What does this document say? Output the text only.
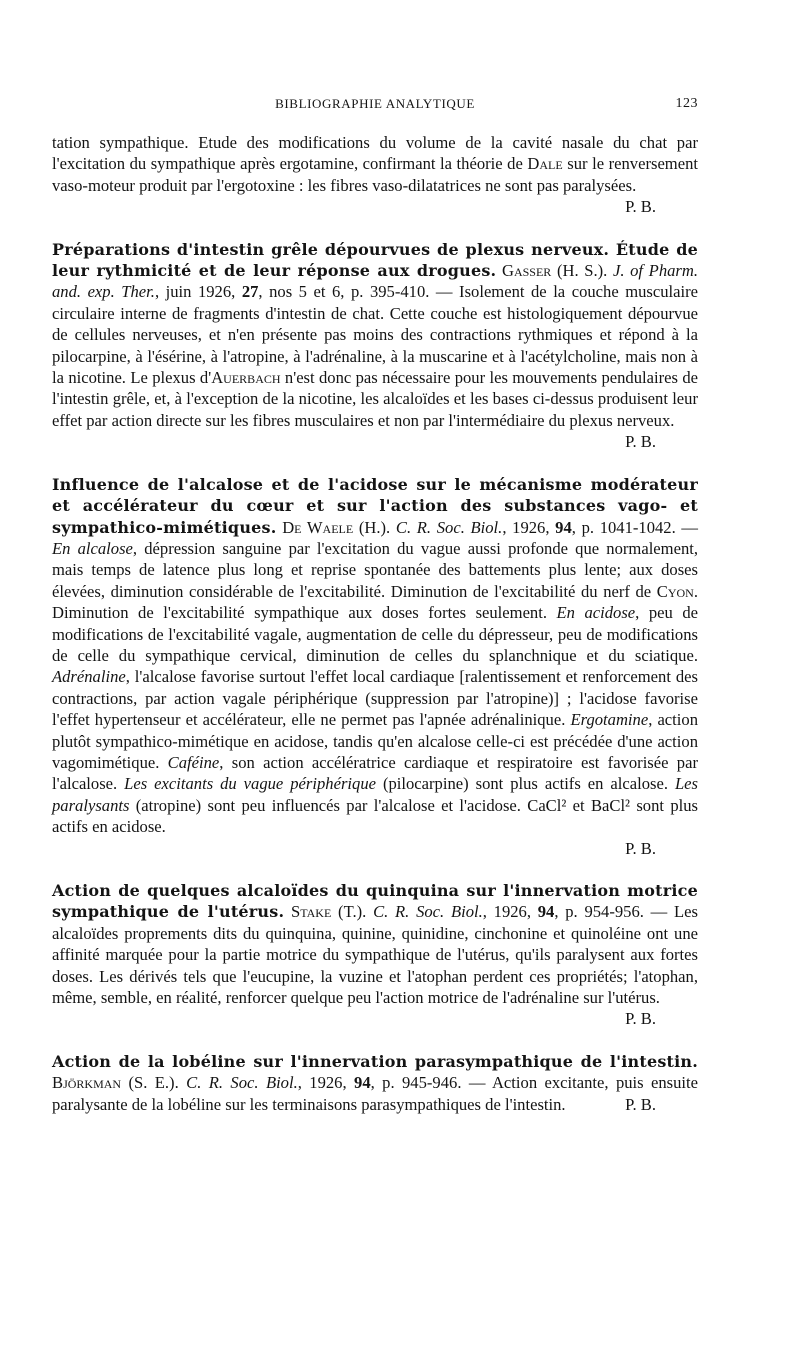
BIBLIOGRAPHIE ANALYTIQUE	123

tation sympathique. Etude des modifications du volume de la cavité nasale du chat par l'excitation du sympathique après ergotamine, confirmant la théorie de Dale sur le renversement vaso-moteur produit par l'ergotoxine : les fibres vaso-dilatatrices ne sont pas paralysées.
P. B.

Préparations d'intestin grêle dépourvues de plexus nerveux. Étude de leur rythmicité et de leur réponse aux drogues. Gasser (H. S.). J. of Pharm. and. exp. Ther., juin 1926, 27, nos 5 et 6, p. 395-410. — Isolement de la couche musculaire circulaire interne de fragments d'intestin de chat. Cette couche est histologiquement dépourvue de cellules nerveuses, et n'en présente pas moins des contractions rythmiques et répond à la pilocarpine, à l'ésérine, à l'atropine, à l'adrénaline, à la muscarine et à l'acétylcholine, mais non à la nicotine. Le plexus d'Auerbach n'est donc pas nécessaire pour les mouvements pendulaires de l'intestin grêle, et, à l'exception de la nicotine, les alcaloïdes et les bases ci-dessus produisent leur effet par action directe sur les fibres musculaires et non par l'intermédiaire du plexus nerveux.
P. B.

Influence de l'alcalose et de l'acidose sur le mécanisme modérateur et accélérateur du cœur et sur l'action des substances vago- et sympathico-mimétiques. De Waele (H.). C. R. Soc. Biol., 1926, 94, p. 1041-1042. — En alcalose, dépression sanguine par l'excitation du vague aussi profonde que normalement, mais temps de latence plus long et reprise spontanée des battements plus lente; aux doses élevées, diminution considérable de l'excitabilité. Diminution de l'excitabilité du nerf de Cyon. Diminution de l'excitabilité sympathique aux doses fortes seulement. En acidose, peu de modifications de l'excitabilité vagale, augmentation de celle du dépresseur, peu de modifications de celle du sympathique cervical, diminution de celles du splanchnique et du sciatique. Adrénaline, l'alcalose favorise surtout l'effet local cardiaque [ralentissement et renforcement des contractions, par action vagale périphérique (suppression par l'atropine)] ; l'acidose favorise l'effet hypertenseur et accélérateur, elle ne permet pas l'apnée adrénalinique. Ergotamine, action plutôt sympathico-mimétique en acidose, tandis qu'en alcalose celle-ci est précédée d'une action vagomimétique. Caféine, son action accélératrice cardiaque et respiratoire est favorisée par l'alcalose. Les excitants du vague périphérique (pilocarpine) sont plus actifs en alcalose. Les paralysants (atropine) sont peu influencés par l'alcalose et l'acidose. CaCl² et BaCl² sont plus actifs en acidose.

P. B.

Action de quelques alcaloïdes du quinquina sur l'innervation motrice sympathique de l'utérus. Stake (T.). C. R. Soc. Biol., 1926, 94, p. 954-956. — Les alcaloïdes proprements dits du quinquina, quinine, quinidine, cinchonine et quinoléine ont une affinité marquée pour la partie motrice du sympathique de l'utérus, qu'ils paralysent aux fortes doses. Les dérivés tels que l'eucupine, la vuzine et l'atophan perdent ces propriétés; l'atophan, même, semble, en réalité, renforcer quelque peu l'action motrice de l'adrénaline sur l'utérus.
P. B.

Action de la lobéline sur l'innervation parasympathique de l'intestin. Björkman (S. E.). C. R. Soc. Biol., 1926, 94, p. 945-946. — Action excitante, puis ensuite paralysante de la lobéline sur les terminaisons parasympathiques de l'intestin.	P. B.
